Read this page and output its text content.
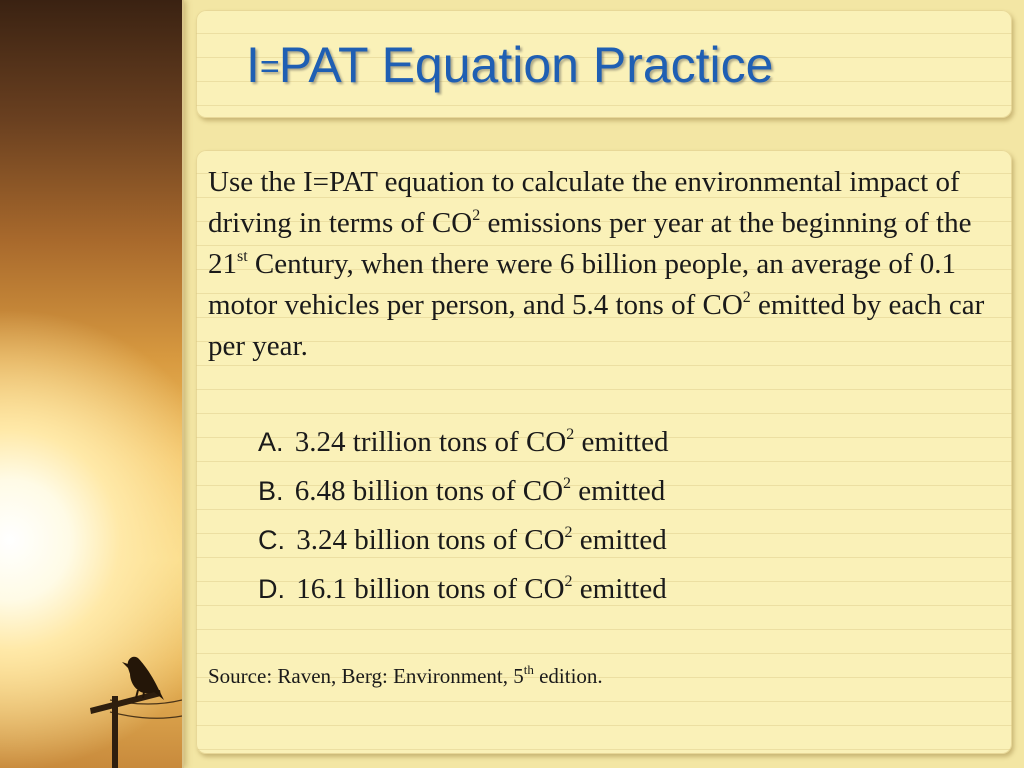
I=PAT Equation Practice

Use the I=PAT equation to calculate the environmental impact of driving in terms of $CO^2$ emissions per year at the beginning of the 21st Century, when there were 6 billion people, an average of 0.1 motor vehicles per person, and 5.4 tons of $CO^2$ emitted by each car per year.

A. 3.24 trillion tons of $CO^2$ emitted
B. 6.48 billion tons of $CO^2$ emitted
C. 3.24 billion tons of $CO^2$ emitted
D. 16.1 billion tons of $CO^2$ emitted

Source: Raven, Berg: Environment, 5th edition.
